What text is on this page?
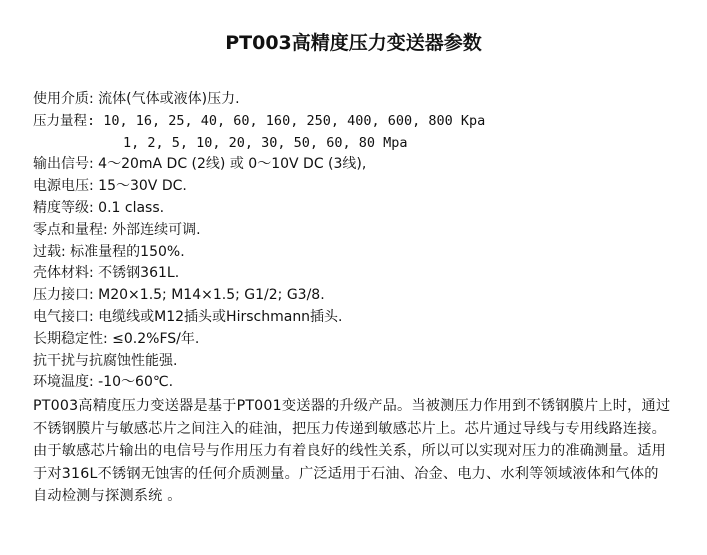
PT003高精度压力变送器参数
使用介质: 流体(气体或液体)压力.
压力量程: 10, 16, 25, 40, 60, 160, 250, 400, 600, 800 Kpa
1, 2, 5, 10, 20, 30, 50, 60, 80 Mpa
输出信号: 4～20mA DC (2线) 或 0～10V DC (3线),
电源电压: 15～30V DC.
精度等级: 0.1 class.
零点和量程: 外部连续可调.
过载: 标准量程的150%.
壳体材料: 不锈钢361L.
压力接口: M20×1.5; M14×1.5; G1/2; G3/8.
电气接口: 电缆线或M12插头或Hirschmann插头.
长期稳定性: ≤0.2%FS/年.
抗干扰与抗腐蚀性能强.
环境温度: -10～60℃.

PT003高精度压力变送器是基于PT001变送器的升级产品。当被测压力作用到不锈钢膜片上时，通过不锈钢膜片与敏感芯片之间注入的硅油，把压力传递到敏感芯片上。芯片通过导线与专用线路连接。由于敏感芯片输出的电信号与作用压力有着良好的线性关系，所以可以实现对压力的准确测量。适用于对316L不锈钢无蚀害的任何介质测量。广泛适用于石油、冶金、电力、水利等领域液体和气体的自动检测与探测系统 。
